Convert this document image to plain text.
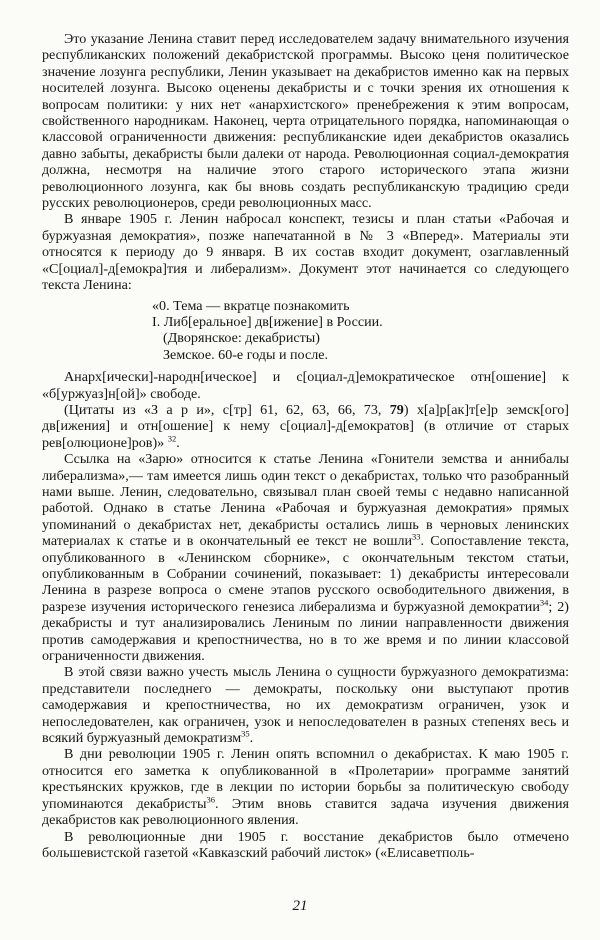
Это указание Ленина ставит перед исследователем задачу внимательного изучения республиканских положений декабристской программы. Высоко ценя политическое значение лозунга республики, Ленин указывает на декабристов именно как на первых носителей лозунга. Высоко оценены декабристы и с точки зрения их отношения к вопросам политики: у них нет «анархистского» пренебрежения к этим вопросам, свойственного народникам. Наконец, черта отрицательного порядка, напоминающая о классовой ограниченности движения: республиканские идеи декабристов оказались давно забыты, декабристы были далеки от народа. Революционная социал-демократия должна, несмотря на наличие этого старого исторического этапа жизни революционного лозунга, как бы вновь создать республиканскую традицию среди русских революционеров, среди революционных масс.

В январе 1905 г. Ленин набросал конспект, тезисы и план статьи «Рабочая и буржуазная демократия», позже напечатанной в № 3 «Вперед». Материалы эти относятся к периоду до 9 января. В их состав входит документ, озаглавленный «С[оциал]-д[емокра]тия и либерализм». Документ этот начинается со следующего текста Ленина:

«0. Тема — вкратце познакомить
I. Либ[еральное] дв[ижение] в России.
(Дворянское: декабристы)
Земское. 60-е годы и после.

Анарх[ически]-народн[ическое] и с[оциал-д]емократическое отн[ошение] к «б[уржуаз]н[ой]» свободе.

(Цитаты из «З а р и», с[тр] 61, 62, 63, 66, 73, 79) х[а]р[ак]т[е]р земск[ого] дв[ижения] и отн[ошение] к нему с[оциал]-д[емократов] (в отличие от старых рев[олюционе]ров)» $^{32}$.

Ссылка на «Зарю» относится к статье Ленина «Гонители земства и аннибалы либерализма»,— там имеется лишь один текст о декабристах, только что разобранный нами выше. Ленин, следовательно, связывал план своей темы с недавно написанной работой. Однако в статье Ленина «Рабочая и буржуазная демократия» прямых упоминаний о декабристах нет, декабристы остались лишь в черновых ленинских материалах к статье и в окончательный ее текст не вошли$^{33}$. Сопоставление текста, опубликованного в «Ленинском сборнике», с окончательным текстом статьи, опубликованным в Собрании сочинений, показывает: 1) декабристы интересовали Ленина в разрезе вопроса о смене этапов русского освободительного движения, в разрезе изучения исторического генезиса либерализма и буржуазной демократии$^{34}$; 2) декабристы и тут анализировались Лениным по линии направленности движения против самодержавия и крепостничества, но в то же время и по линии классовой ограниченности движения.

В этой связи важно учесть мысль Ленина о сущности буржуазного демократизма: представители последнего — демократы, поскольку они выступают против самодержавия и крепостничества, но их демократизм ограничен, узок и непоследователен, как ограничен, узок и непоследователен в разных степенях весь и всякий буржуазный демократизм$^{35}$.

В дни революции 1905 г. Ленин опять вспомнил о декабристах. К маю 1905 г. относится его заметка к опубликованной в «Пролетарии» программе занятий крестьянских кружков, где в лекции по истории борьбы за политическую свободу упоминаются декабристы$^{36}$. Этим вновь ставится задача изучения движения декабристов как революционного явления.

В революционные дни 1905 г. восстание декабристов было отмечено большевистской газетой «Кавказский рабочий листок» («Елисаветполь-

21
